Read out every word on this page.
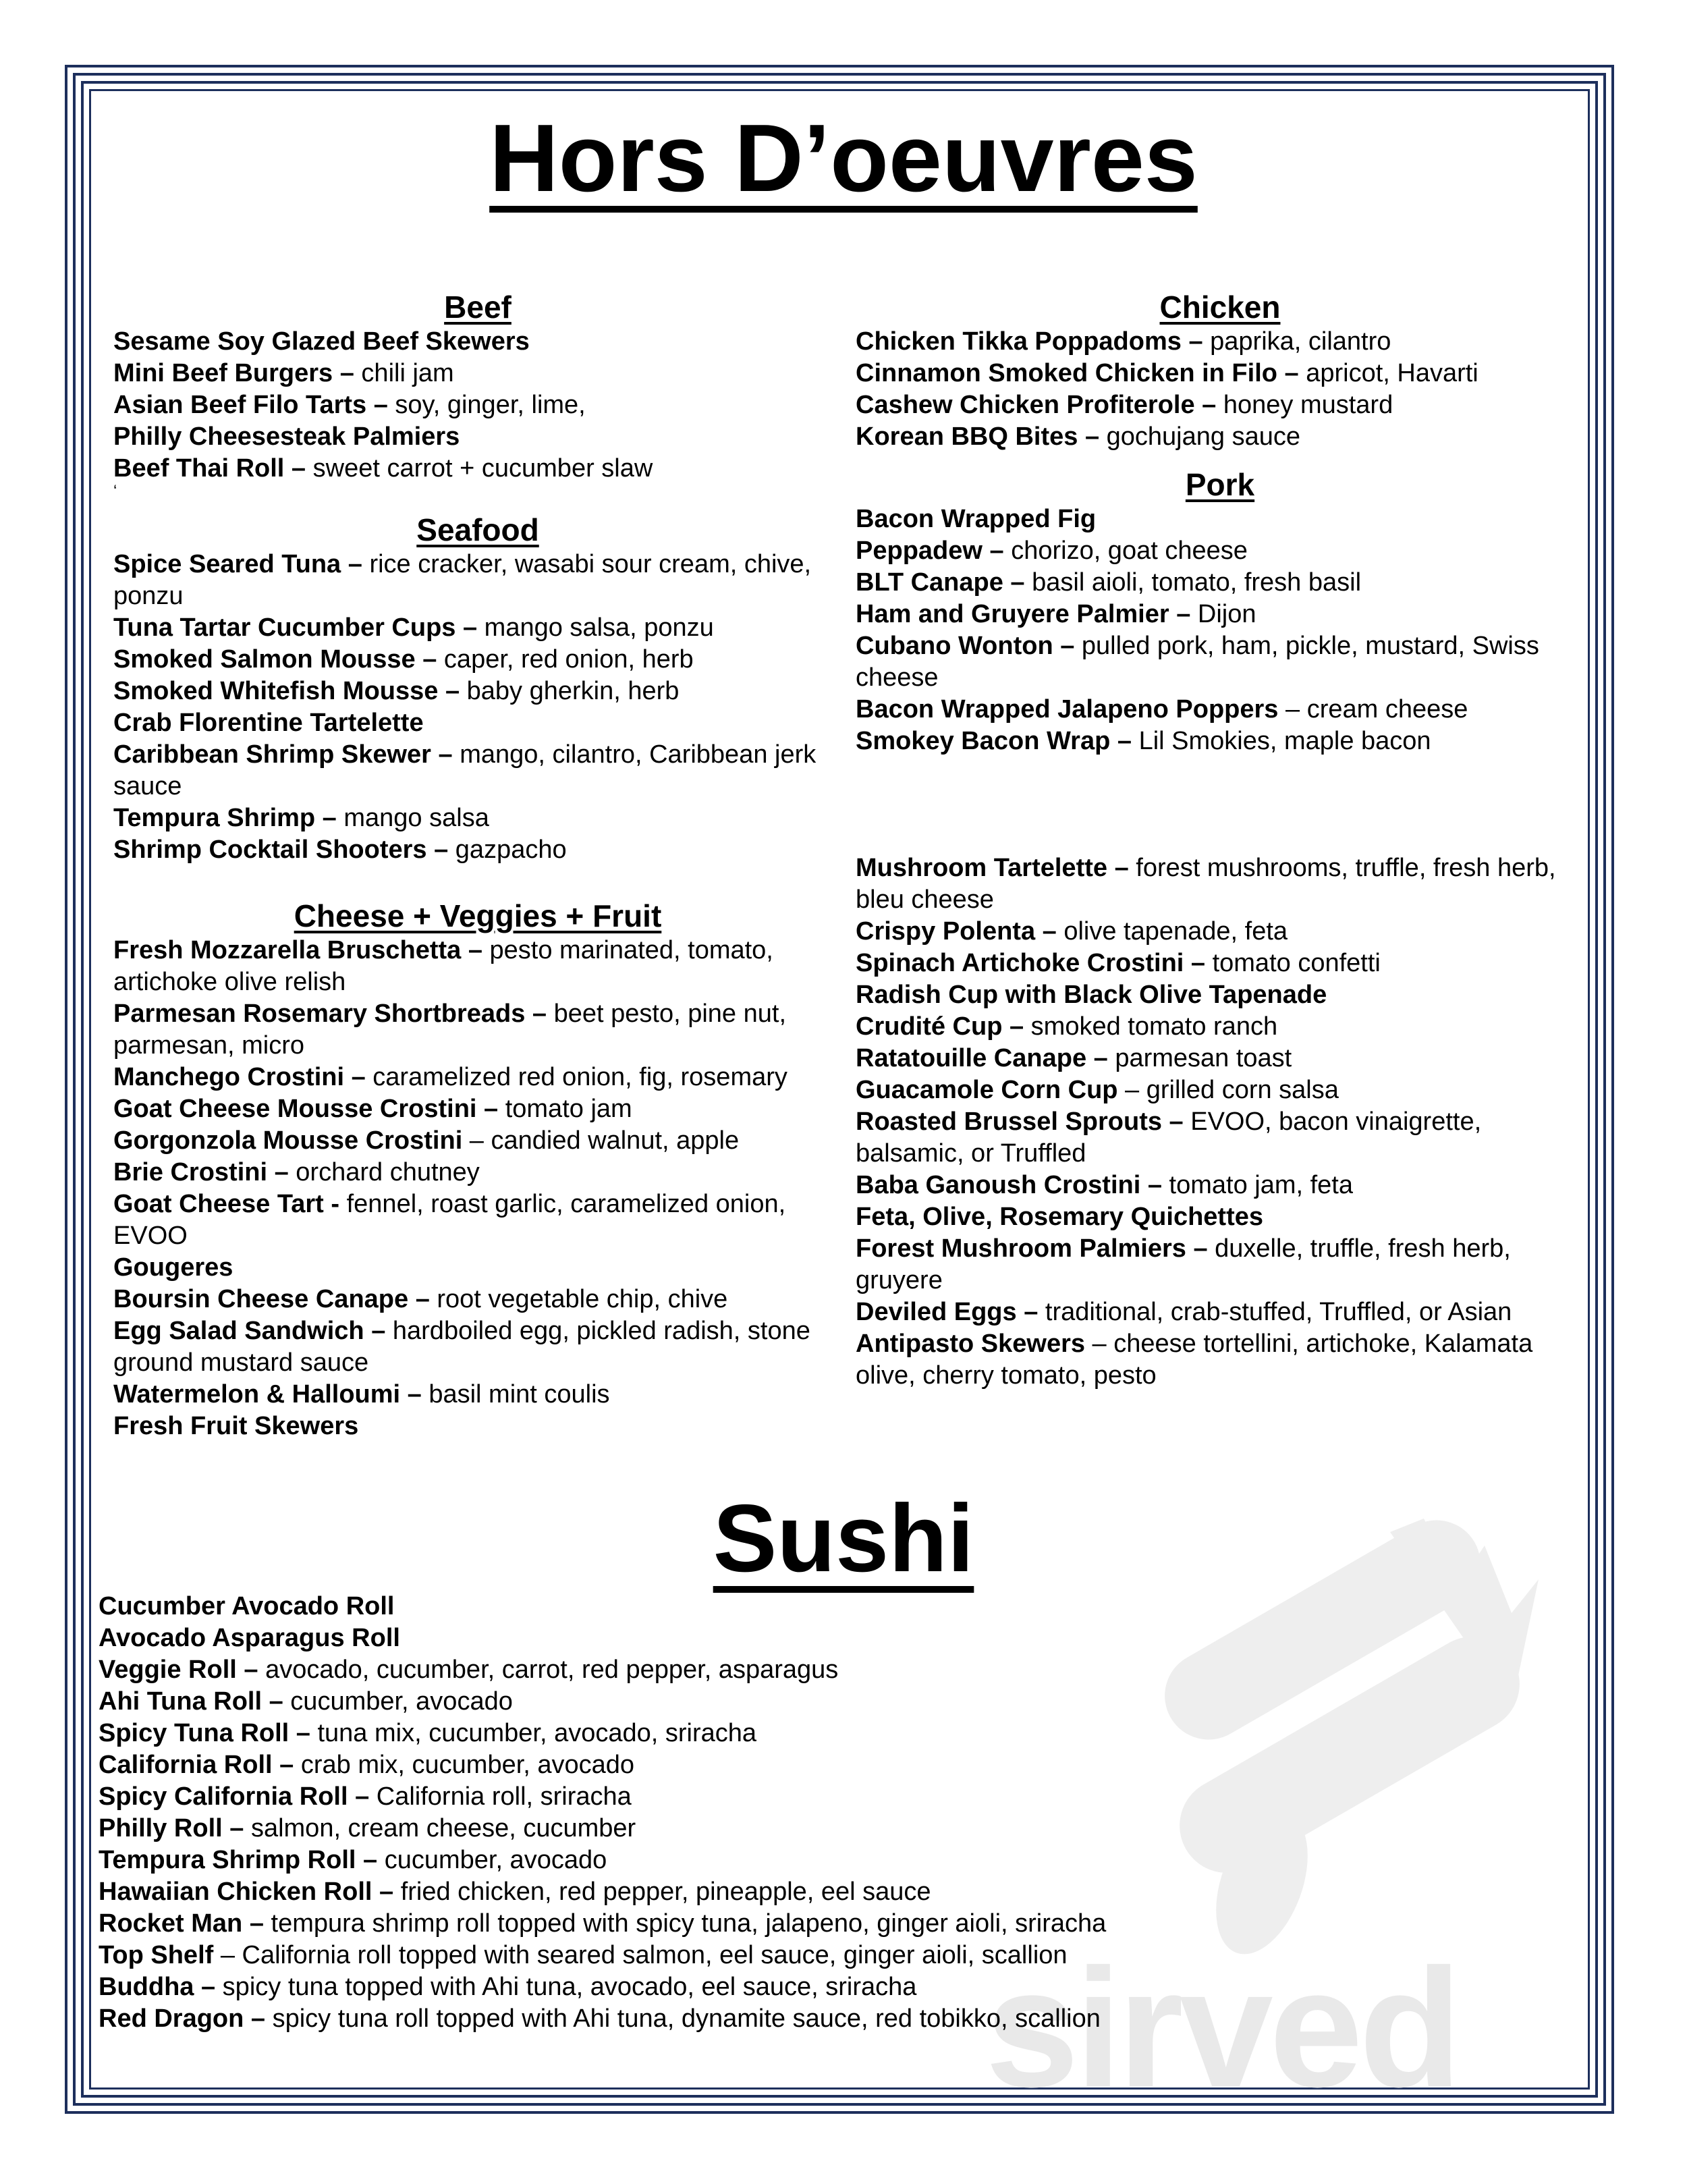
sirved
Hors D’oeuvres

Beef

Sesame Soy Glazed Beef Skewers

Mini Beef Burgers – chili jam

Asian Beef Filo Tarts – soy, ginger, lime,

Philly Cheesesteak Palmiers

Beef Thai Roll – sweet carrot + cucumber slaw

‘

Seafood

Spice Seared Tuna – rice cracker, wasabi sour cream, chive, ponzu

Tuna Tartar Cucumber Cups – mango salsa, ponzu

Smoked Salmon Mousse – caper, red onion, herb

Smoked Whitefish Mousse – baby gherkin, herb

Crab Florentine Tartelette

Caribbean Shrimp Skewer – mango, cilantro, Caribbean jerk sauce

Tempura Shrimp – mango salsa

Shrimp Cocktail Shooters – gazpacho

Cheese + Veggies + Fruit

Fresh Mozzarella Bruschetta – pesto marinated, tomato, artichoke olive relish

Parmesan Rosemary Shortbreads – beet pesto, pine nut, parmesan, micro

Manchego Crostini – caramelized red onion, fig, rosemary

Goat Cheese Mousse Crostini – tomato jam

Gorgonzola Mousse Crostini – candied walnut, apple

Brie Crostini – orchard chutney

Goat Cheese Tart - fennel, roast garlic, caramelized onion, EVOO

Gougeres

Boursin Cheese Canape – root vegetable chip, chive

Egg Salad Sandwich – hardboiled egg, pickled radish, stone ground mustard sauce

Watermelon & Halloumi – basil mint coulis

Fresh Fruit Skewers

Chicken

Chicken Tikka Poppadoms – paprika, cilantro

Cinnamon Smoked Chicken in Filo – apricot, Havarti

Cashew Chicken Profiterole – honey mustard

Korean BBQ Bites – gochujang sauce

Pork

Bacon Wrapped Fig

Peppadew – chorizo, goat cheese

BLT Canape – basil aioli, tomato, fresh basil

Ham and Gruyere Palmier – Dijon

Cubano Wonton – pulled pork, ham, pickle, mustard, Swiss cheese

Bacon Wrapped Jalapeno Poppers – cream cheese

Smokey Bacon Wrap – Lil Smokies, maple bacon

Mushroom Tartelette – forest mushrooms, truffle, fresh herb, bleu cheese

Crispy Polenta – olive tapenade, feta

Spinach Artichoke Crostini – tomato confetti

Radish Cup with Black Olive Tapenade

Crudité Cup – smoked tomato ranch

Ratatouille Canape – parmesan toast

Guacamole Corn Cup – grilled corn salsa

Roasted Brussel Sprouts – EVOO, bacon vinaigrette, balsamic, or Truffled

Baba Ganoush Crostini – tomato jam, feta

Feta, Olive, Rosemary Quichettes

Forest Mushroom Palmiers – duxelle, truffle, fresh herb, gruyere

Deviled Eggs – traditional, crab-stuffed, Truffled, or Asian

Antipasto Skewers – cheese tortellini, artichoke, Kalamata olive, cherry tomato, pesto

Sushi

Cucumber Avocado Roll

Avocado Asparagus Roll

Veggie Roll – avocado, cucumber, carrot, red pepper, asparagus

Ahi Tuna Roll – cucumber, avocado

Spicy Tuna Roll – tuna mix, cucumber, avocado, sriracha

California Roll – crab mix, cucumber, avocado

Spicy California Roll – California roll, sriracha

Philly Roll – salmon, cream cheese, cucumber

Tempura Shrimp Roll – cucumber, avocado

Hawaiian Chicken Roll – fried chicken, red pepper, pineapple, eel sauce

Rocket Man – tempura shrimp roll topped with spicy tuna, jalapeno, ginger aioli, sriracha

Top Shelf – California roll topped with seared salmon, eel sauce, ginger aioli, scallion

Buddha – spicy tuna topped with Ahi tuna, avocado, eel sauce, sriracha

Red Dragon – spicy tuna roll topped with Ahi tuna, dynamite sauce, red tobikko, scallion
